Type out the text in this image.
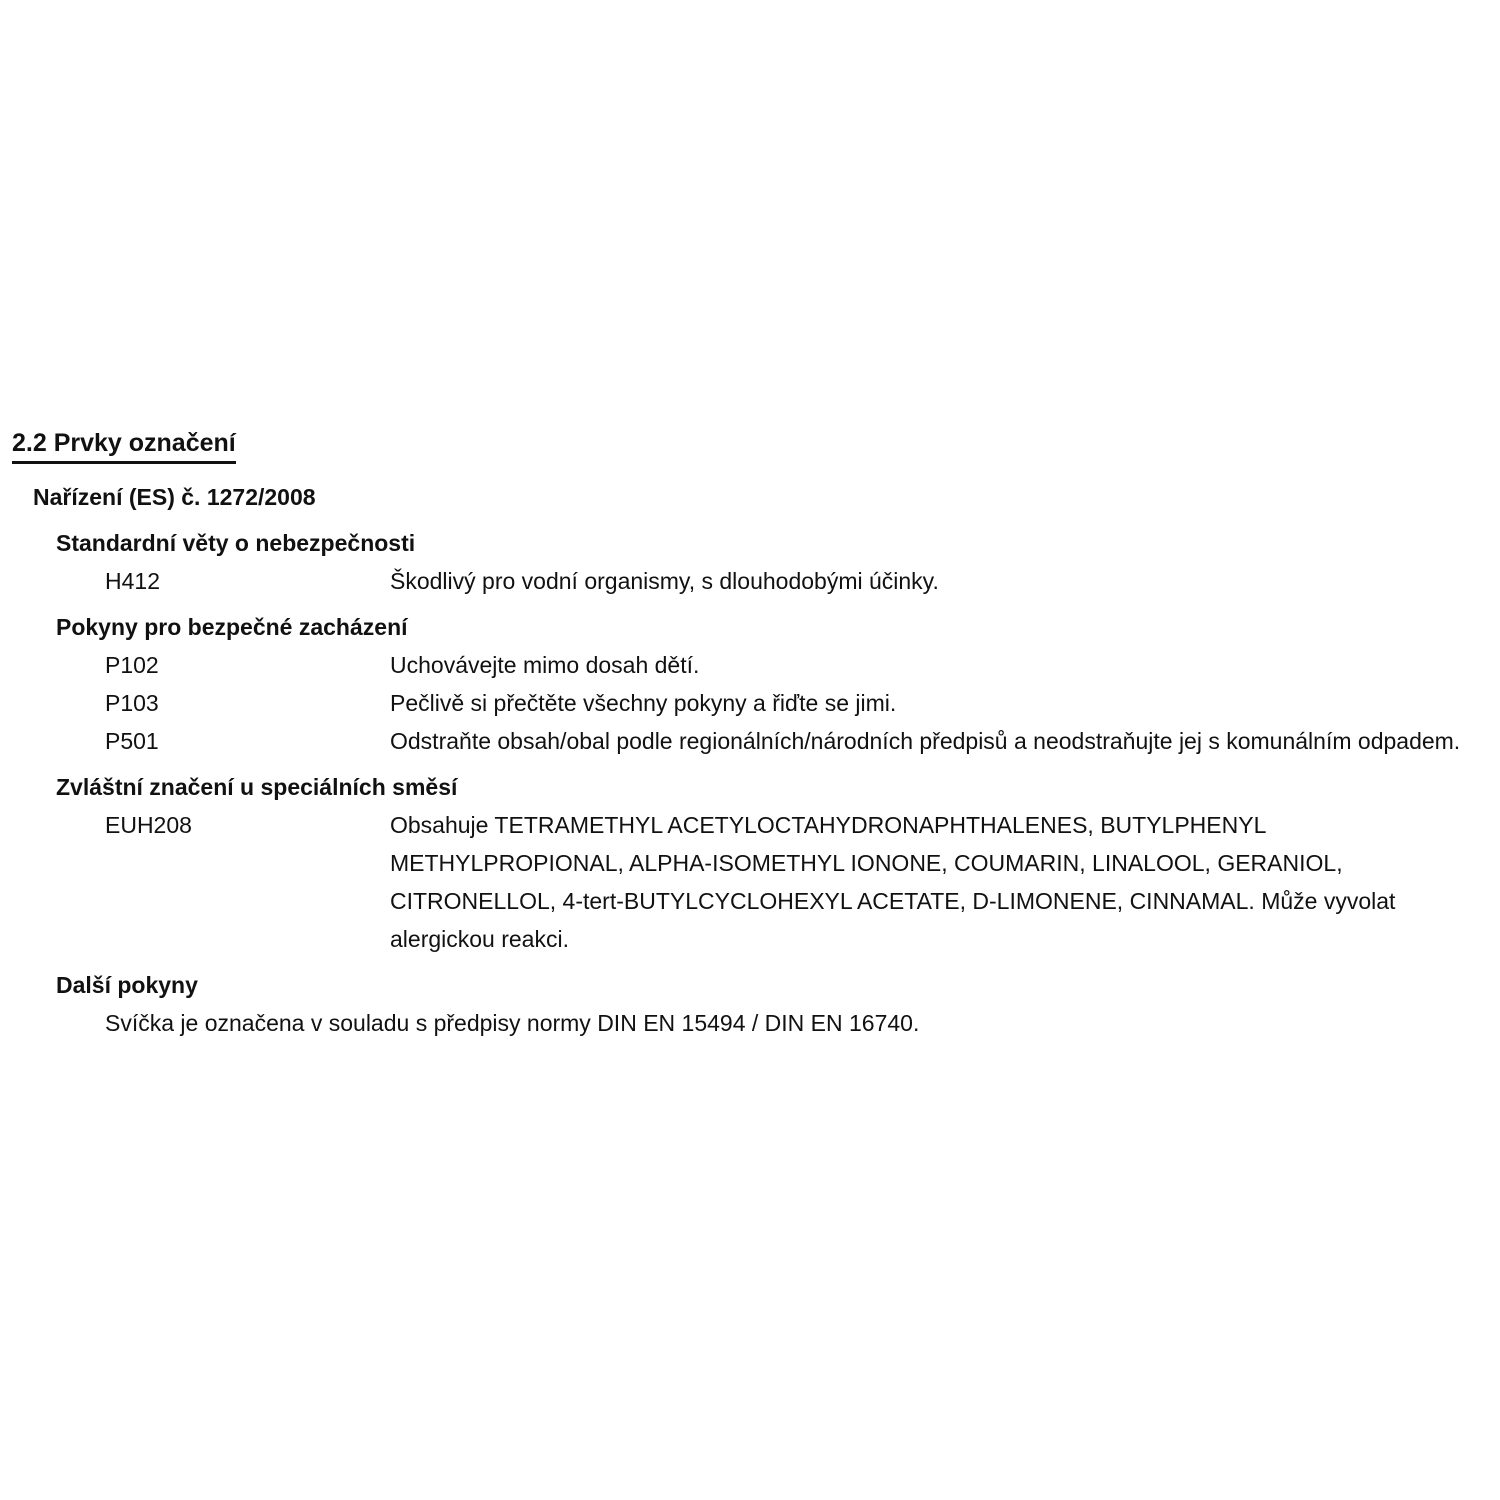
2.2 Prvky označení
Nařízení (ES) č. 1272/2008
Standardní věty o nebezpečnosti
H412	Škodlivý pro vodní organismy, s dlouhodobými účinky.
Pokyny pro bezpečné zacházení
P102	Uchovávejte mimo dosah dětí.
P103	Pečlivě si přečtěte všechny pokyny a řiďte se jimi.
P501	Odstraňte obsah/obal podle regionálních/národních předpisů a neodstraňujte jej s komunálním odpadem.
Zvláštní značení u speciálních směsí
EUH208	Obsahuje TETRAMETHYL ACETYLOCTAHYDRONAPHTHALENES, BUTYLPHENYL METHYLPROPIONAL, ALPHA-ISOMETHYL IONONE, COUMARIN, LINALOOL, GERANIOL, CITRONELLOL, 4-tert-BUTYLCYCLOHEXYL ACETATE, D-LIMONENE, CINNAMAL. Může vyvolat alergickou reakci.
Další pokyny
Svíčka je označena v souladu s předpisy normy DIN EN 15494 / DIN EN 16740.
